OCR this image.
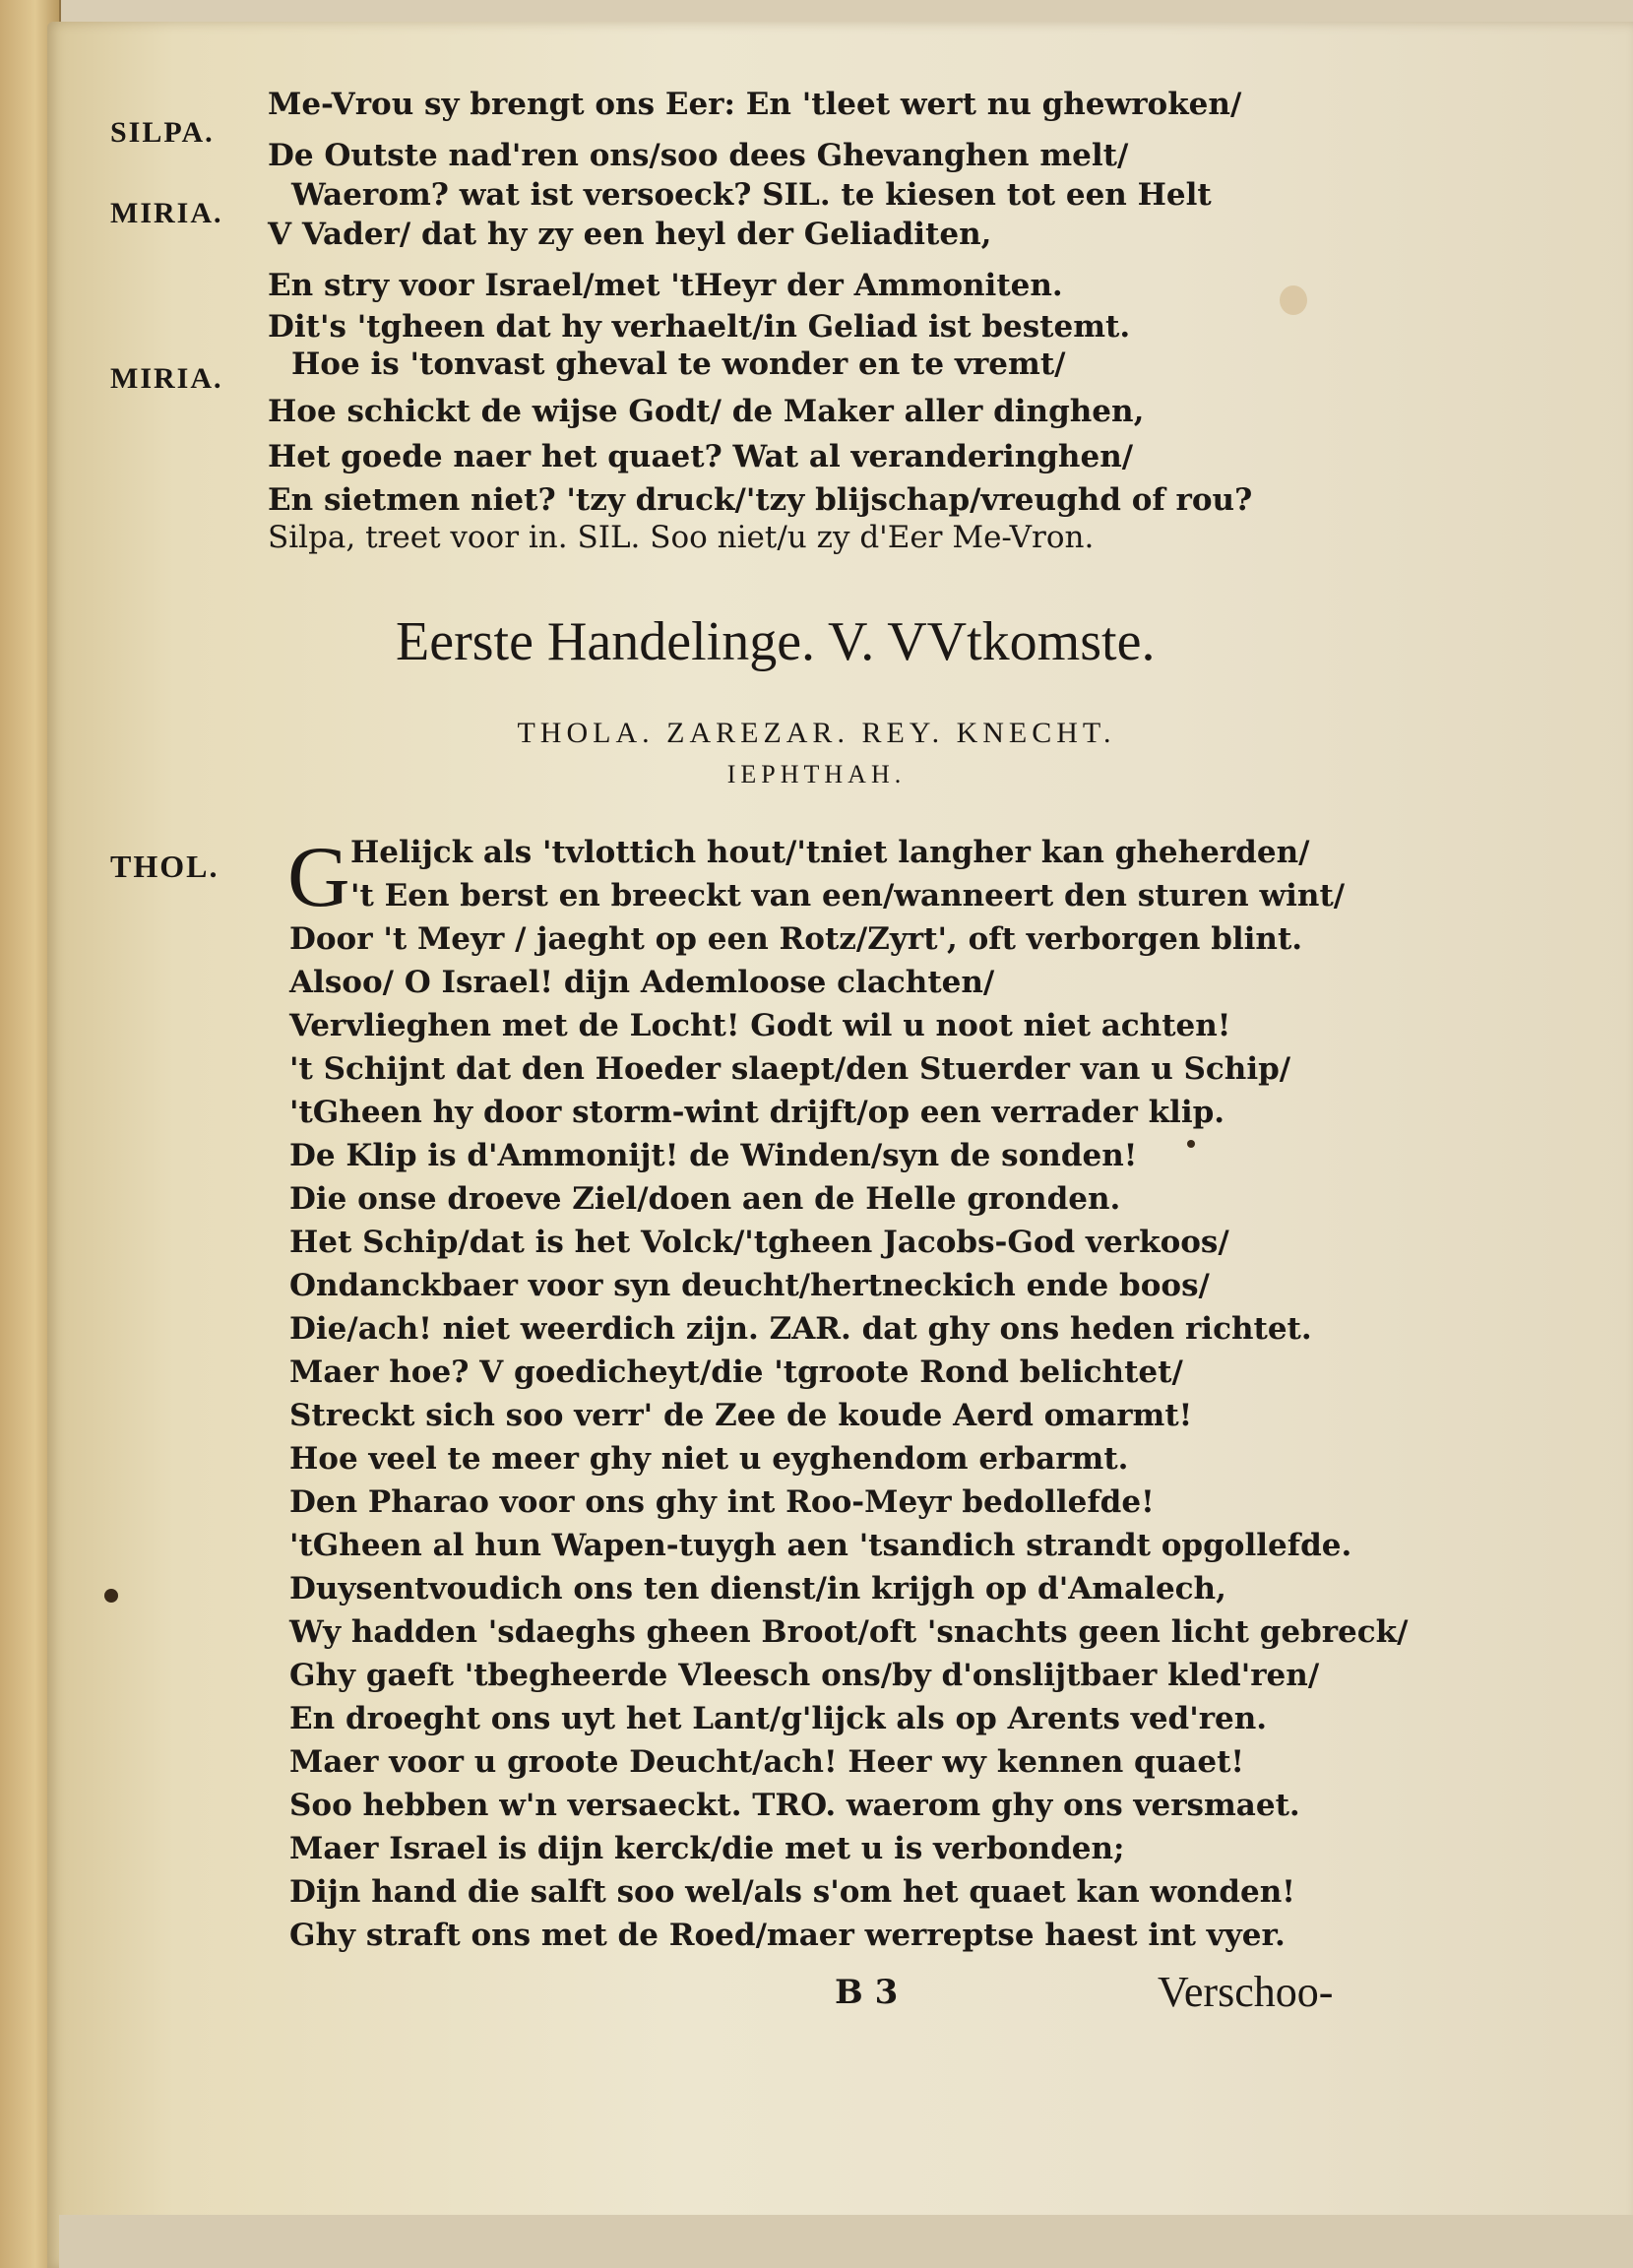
SILPA.
MIRIA.
MIRIA.
Me-Vrou sy brengt ons Eer: En 'tleet wert nu ghewroken/
De Outste nad'ren ons/soo dees Ghevanghen melt/
Waerom? wat ist versoeck? SIL. te kiesen tot een Helt
V Vader/ dat hy zy een heyl der Geliaditen,
En stry voor Israel/met 'tHeyr der Ammoniten.
Dit's 'tgheen dat hy verhaelt/in Geliad ist bestemt.
Hoe is 'tonvast gheval te wonder en te vremt/
Hoe schickt de wijse Godt/ de Maker aller dinghen,
Het goede naer het quaet? Wat al veranderinghen/
En sietmen niet? 'tzy druck/'tzy blijschap/vreughd of rou?
Silpa, treet voor in. SIL. Soo niet/u zy d'Eer Me-Vron.
Eerste Handelinge. V. VVtkomste.
THOLA. ZAREZAR. REY. KNECHT.
IEPHTHAH.
THOL. G Helijck als 'tvlottich hout/'tniet langher kan gheherden/
't Een berst en breeckt van een/wanneert den sturen wint/
Door 't Meyr / jaeght op een Rotz/Zyrt', oft verborgen blint.
Alsoo/ O Israel! dijn Ademloose clachten/
Vervlieghen met de Locht! Godt wil u noot niet achten!
't Schijnt dat den Hoeder slaept/den Stuerder van u Schip/
'tGheen hy door storm-wint drijft/op een verrader klip.
De Klip is d'Ammonijt! de Winden/syn de sonden!
Die onse droeve Ziel/doen aen de Helle gronden.
Het Schip/dat is het Volck/'tgheen Jacobs-God verkoos/
Ondanckbaer voor syn deucht/hertneckich ende boos/
Die/ach! niet weerdich zijn. ZAR. dat ghy ons heden richtet.
Maer hoe? V goedicheyt/die 'tgroote Rond belichtet/
Streckt sich soo verr' de Zee de koude Aerd omarmt!
Hoe veel te meer ghy niet u eyghendom erbarmt.
Den Pharao voor ons ghy int Roo-Meyr bedollefde!
'tGheen al hun Wapen-tuygh aen 'tsandich strandt opgollefde.
Duysentvoudich ons ten dienst/in krijgh op d'Amalech,
Wy hadden 'sdaeghs gheen Broot/oft 'snachts geen licht gebreck/
Ghy gaeft 'tbegheerde Vleesch ons/by d'onslijtbaer kled'ren/
En droeght ons uyt het Lant/g'lijck als op Arents ved'ren.
Maer voor u groote Deucht/ach! Heer wy kennen quaet!
Soo hebben w'n versaeckt. TRO. waerom ghy ons versmaet.
Maer Israel is dijn kerck/die met u is verbonden;
Dijn hand die salft soo wel/als s'om het quaet kan wonden!
Ghy straft ons met de Roed/maer werreptse haest int vyer.
B 3	Verschoo-
